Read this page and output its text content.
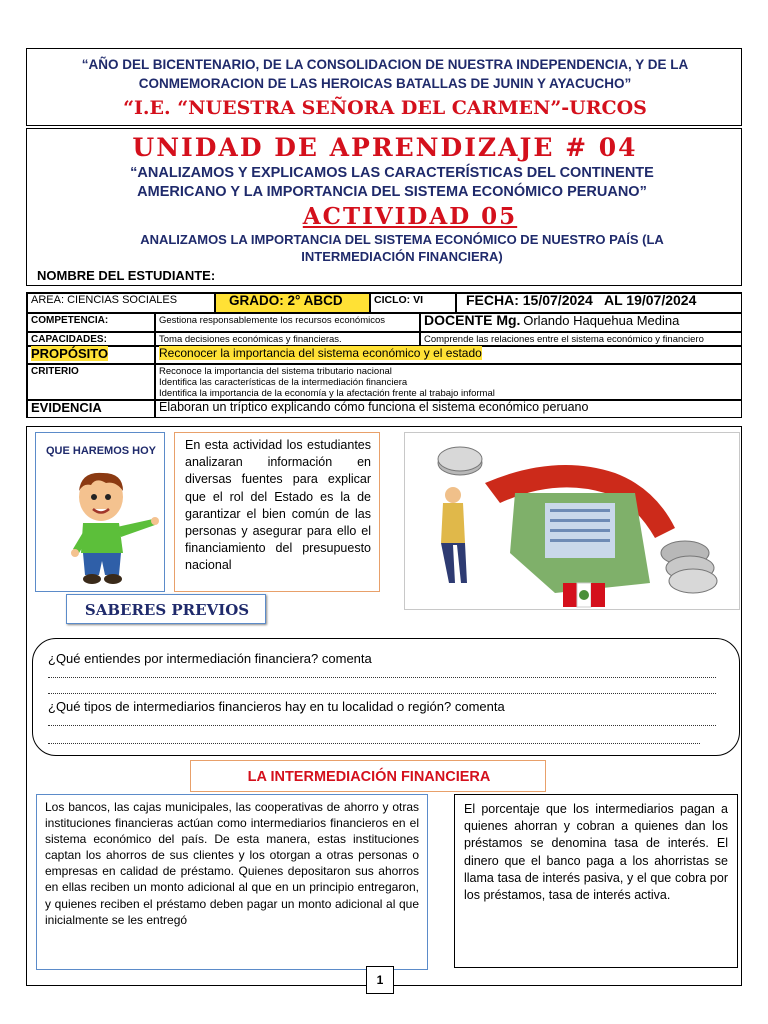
“AÑO DEL BICENTENARIO, DE LA CONSOLIDACION DE NUESTRA INDEPENDENCIA, Y DE LA
CONMEMORACION DE LAS HEROICAS BATALLAS DE JUNIN Y AYACUCHO”
“I.E. “NUESTRA SEÑORA DEL CARMEN”-URCOS
UNIDAD DE APRENDIZAJE # 04
“ANALIZAMOS Y EXPLICAMOS LAS CARACTERÍSTICAS DEL CONTINENTE
AMERICANO Y LA IMPORTANCIA DEL SISTEMA ECONÓMICO PERUANO”
ACTIVIDAD 05
ANALIZAMOS LA IMPORTANCIA DEL SISTEMA ECONÓMICO DE NUESTRO PAÍS (LA
INTERMEDIACIÓN FINANCIERA)
NOMBRE DEL ESTUDIANTE:
AREA: CIENCIAS SOCIALES	GRADO: 2° ABCD	CICLO: VI	FECHA: 15/07/2024   AL 19/07/2024
COMPETENCIA:	Gestiona responsablemente los recursos económicos	DOCENTE Mg. Orlando Haquehua Medina
CAPACIDADES:	Toma decisiones económicas y financieras.	Comprende las relaciones entre el sistema económico y financiero
PROPÓSITO	Reconocer la importancia del sistema económico y el estado
CRITERIO	Reconoce la importancia del sistema tributario nacional
Identifica las características de la intermediación financiera
Identifica la importancia de la economía y la afectación frente al trabajo informal
EVIDENCIA	Elaboran un tríptico explicando cómo funciona el sistema económico peruano
QUE HAREMOS HOY En esta actividad los estudiantes analizaran información en diversas fuentes para explicar que el rol del Estado es la de garantizar el bien común de las personas y asegurar para ello el financiamiento del presupuesto nacional
SABERES PREVIOS
¿Qué entiendes por intermediación financiera? comenta
¿Qué tipos de intermediarios financieros hay en tu localidad o región? comenta
LA INTERMEDIACIÓN FINANCIERA
Los bancos, las cajas municipales, las cooperativas de ahorro y otras instituciones financieras actúan como intermediarios financieros en el sistema económico del país. De esta manera, estas instituciones captan los ahorros de sus clientes y los otorgan a otras personas o empresas en calidad de préstamo. Quienes depositaron sus ahorros en ellas reciben un monto adicional al que en un principio entregaron, y quienes reciben el préstamo deben pagar un monto adicional al que inicialmente se les entregó
El porcentaje que los intermediarios pagan a quienes ahorran y cobran a quienes dan los préstamos se denomina tasa de interés. El dinero que el banco paga a los ahorristas se llama tasa de interés pasiva, y el que cobra por los préstamos, tasa de interés activa.
1
